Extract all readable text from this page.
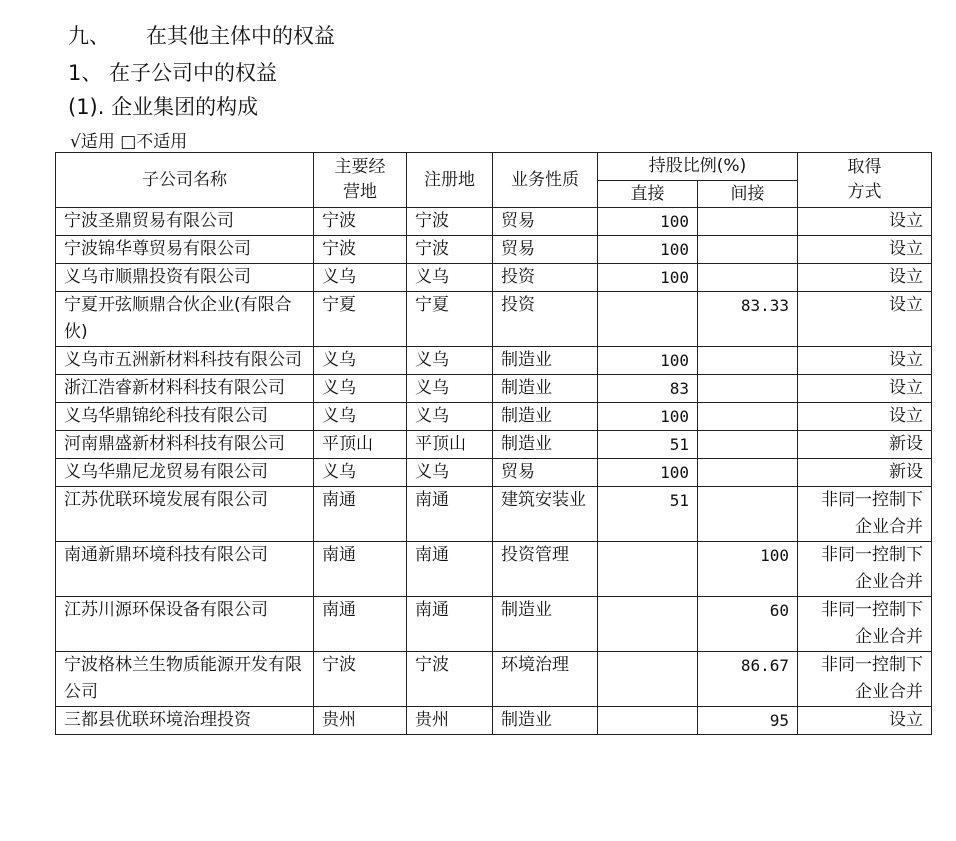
九、 在其他主体中的权益
1、 在子公司中的权益
(1). 企业集团的构成
√适用 □不适用
子公司名称	主要经营地	注册地	业务性质	持股比例(%)		取得方式
				直接	间接	
宁波圣鼎贸易有限公司	宁波	宁波	贸易	100		设立
宁波锦华尊贸易有限公司	宁波	宁波	贸易	100		设立
义乌市顺鼎投资有限公司	义乌	义乌	投资	100		设立
宁夏开弦顺鼎合伙企业(有限合伙)	宁夏	宁夏	投资		83.33	设立
义乌市五洲新材料科技有限公司	义乌	义乌	制造业	100		设立
浙江浩睿新材料科技有限公司	义乌	义乌	制造业	83		设立
义乌华鼎锦纶科技有限公司	义乌	义乌	制造业	100		设立
河南鼎盛新材料科技有限公司	平顶山	平顶山	制造业	51		新设
义乌华鼎尼龙贸易有限公司	义乌	义乌	贸易	100		新设
江苏优联环境发展有限公司	南通	南通	建筑安装业	51		非同一控制下企业合并
南通新鼎环境科技有限公司	南通	南通	投资管理		100	非同一控制下企业合并
江苏川源环保设备有限公司	南通	南通	制造业		60	非同一控制下企业合并
宁波格林兰生物质能源开发有限公司	宁波	宁波	环境治理		86.67	非同一控制下企业合并
三都县优联环境治理投资	贵州	贵州	制造业		95	设立
